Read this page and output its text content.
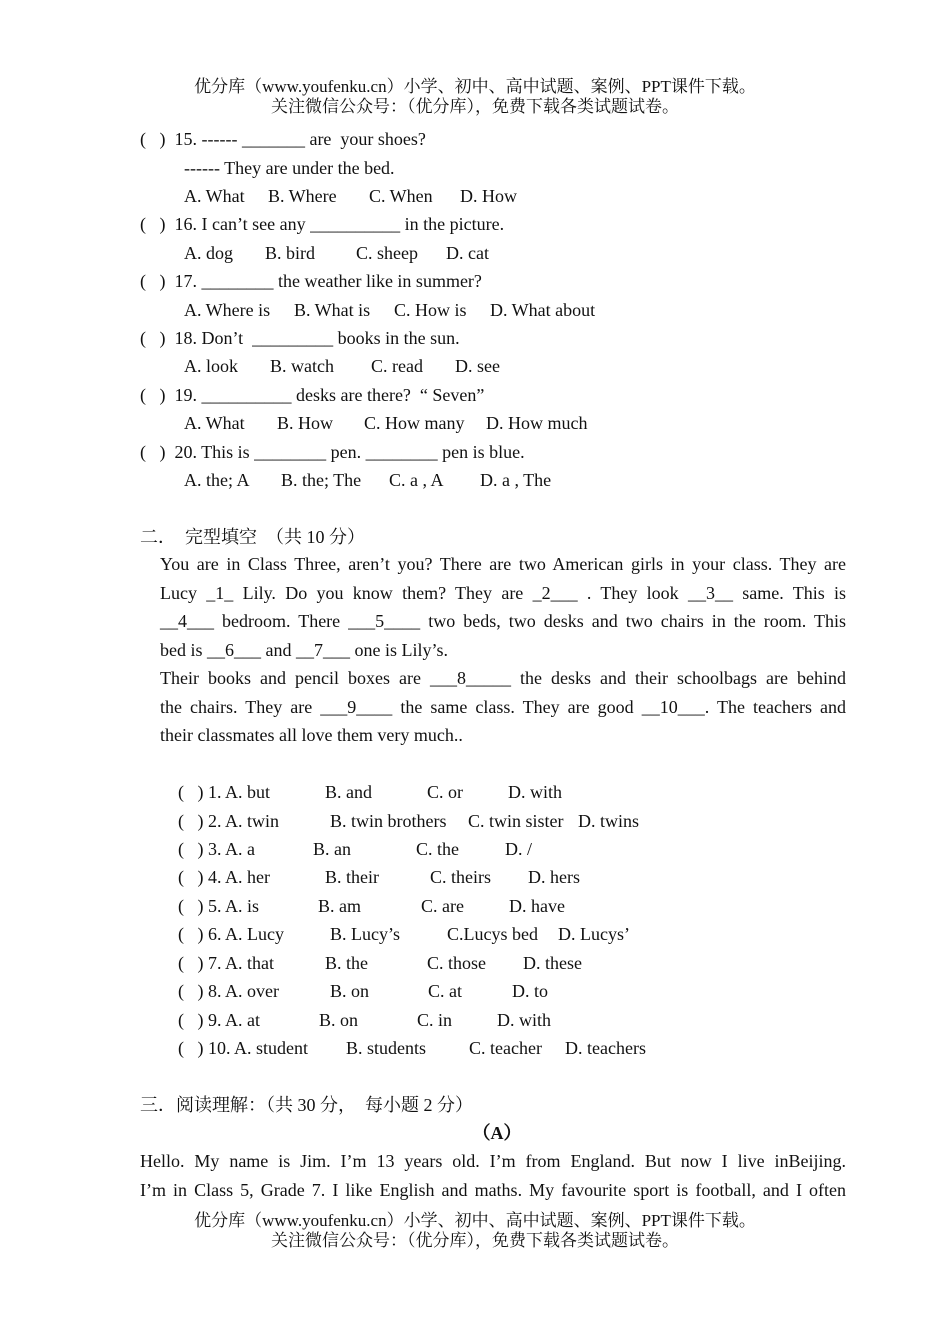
优分库（www.youfenku.cn）小学、初中、高中试题、案例、PPT课件下载。
关注微信公众号：（优分库），免费下载各类试题试卷。
(   )  15. ------ _______ are  your shoes?
------ They are under the bed.

A. What

B. Where

C. When

D. How

(   )  16. I can’t see any __________ in the picture.

A. dog

B. bird

C. sheep

D. cat

(   )  17. ________ the weather like in summer?

A. Where is

B. What is

C. How is

D. What about

(   )  18. Don’t  _________ books in the sun.

A. look

B. watch

C. read

D. see

(   )  19. __________ desks are there?  “ Seven”

A. What

B. How

C. How many

D. How much

(   )  20. This is ________ pen. ________ pen is blue.

A. the; A

B. the; The

C. a , A

D. a , The

二．  完型填空  （共 10 分）
You are in Class Three, aren’t you? There are two American girls in your class. They are
Lucy _1_ Lily. Do you know them? They are _2___ . They look __3__ same. This is
__4___ bedroom. There ___5____ two beds, two desks and two chairs in the room. This
bed is __6___ and __7___ one is Lily’s.
Their books and pencil boxes are ___8_____ the desks and their schoolbags are behind
the chairs. They are ___9____ the same class. They are good __10___. The teachers and
their classmates all love them very much..

(   ) 1. A. but

	B. and

	C. or

	D. with

(   ) 2. A. twin

	B. twin brothers

C. twin sister

D. twins

(   ) 3. A. a

	B. an

	C. the

	D. /

(   ) 4. A. her

	B. their

	C. theirs

D. hers

(   ) 5. A. is

	B. am

	C. are

	D. have

(   ) 6. A. Lucy

	B. Lucy’s

	C.Lucys bed

D. Lucys’

(   ) 7. A. that

	B. the

	C. those

D. these

(   ) 8. A. over

	B. on

	C. at

	D. to

(   ) 9. A. at

	B. on

	C. in

D. with

(   ) 10. A. student

B. students

C. teacher

D. teachers

三．阅读理解：（共 30 分，  每小题 2 分）
（A）
Hello. My name is Jim. I’m 13 years old. I’m from England. But now I live inBeijing.
I’m in Class 5, Grade 7. I like English and maths. My favourite sport is football, and I often
优分库（www.youfenku.cn）小学、初中、高中试题、案例、PPT课件下载。
关注微信公众号：（优分库），免费下载各类试题试卷。
